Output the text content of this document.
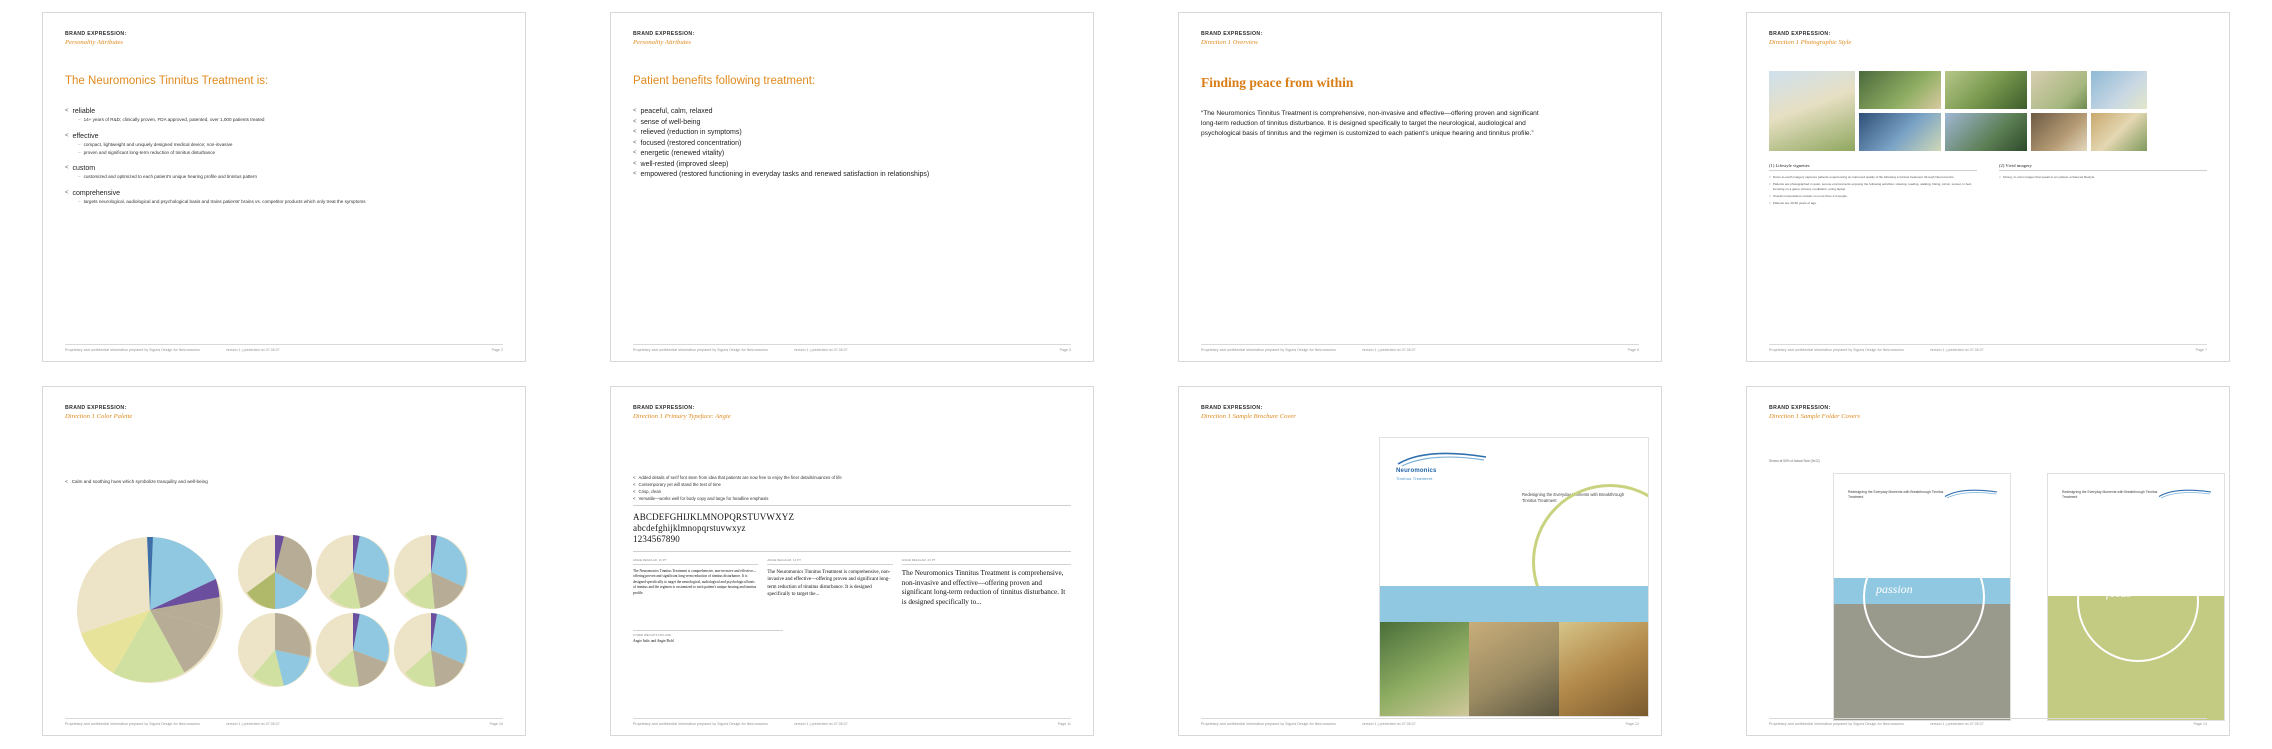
BRAND EXPRESSION:
Personality Attributes
The Neuromonics Tinnitus Treatment is:
< reliable
– 14+ years of R&D; clinically proven, FDA approved, patented, over 1,000 patients treated
< effective
– compact, lightweight and uniquely designed medical device; non-invasive
– proven and significant long-term reduction of tinnitus disturbance
< custom
– customized and optimized to each patient's unique hearing profile and tinnitus pattern
< comprehensive
– targets neurological, audiological and psychological basis and trains patients' brains vs. competitor products which only treat the symptoms
Proprietary and confidential information prepared by Siguris Design for Neuromonics	version 1 | presented on 07.05.07	Page 2
BRAND EXPRESSION:
Personality Attributes
Patient benefits following treatment:
< peaceful, calm, relaxed
< sense of well-being
< relieved (reduction in symptoms)
< focused (restored concentration)
< energetic (renewed vitality)
< well-rested (improved sleep)
< empowered (restored functioning in everyday tasks and renewed satisfaction in relationships)
Proprietary and confidential information prepared by Siguris Design for Neuromonics	version 1 | presented on 07.05.07	Page 3
BRAND EXPRESSION:
Direction 1 Overview
Finding peace from within
“The Neuromonics Tinnitus Treatment is comprehensive, non-invasive and effective—offering proven and significant long-term reduction of tinnitus disturbance. It is designed specifically to target the neurological, audiological and psychological basis of tinnitus and the regimen is customized to each patient's unique hearing and tinnitus profile.”
Proprietary and confidential information prepared by Siguris Design for Neuromonics	version 1 | presented on 07.05.07	Page 6
BRAND EXPRESSION:
Direction 1 Photographic Style
(1) Lifestyle vignettes
< Down-to-earth imagery captures patients experiencing an improved quality of life following a tinnitus treatment through Neuromonics.
< Patients are photographed in quiet, serene environments enjoying the following activities: relaxing, reading, walking, hiking, picnic, sunset, in bed, focusing on a game (chess), meditation, using laptop.
< Overall compositions contain no more than 1-3 people.
< Patients are 40-60 years of age.
(2) Vivid imagery
< Strong, in-color images that speak to an upbeat, enhanced lifestyle.
Proprietary and confidential information prepared by Siguris Design for Neuromonics	version 1 | presented on 07.05.07	Page 7
BRAND EXPRESSION:
Direction 1 Color Palette
< Calm and soothing hues which symbolize tranquility and well-being
Proprietary and confidential information prepared by Siguris Design for Neuromonics	version 1 | presented on 07.05.07	Page 10
BRAND EXPRESSION:
Direction 1 Primary Typeface: Angie
< Added details of serif font stem from idea that patients are now free to enjoy the finer details/nuances of life
< Contemporary yet will stand the test of time
< Crisp, clean
< Versatile—works well for body copy and large for headline emphasis
ABCDEFGHIJKLMNOPQRSTUVWXYZ
abcdefghijklmnopqrstuvwxyz
1234567890
ANGIE REGULAR, 10 PT
The Neuromonics Tinnitus Treatment is comprehensive, non-invasive and effective—offering proven and significant long-term reduction of tinnitus disturbance. It is designed specifically to target the neurological, audiological and psychological basis of tinnitus and the regimen is customized to each patient's unique hearing and tinnitus profile.
ANGIE REGULAR, 14 PT
The Neuromonics Tinnitus Treatment is comprehensive, non-invasive and effective—offering proven and significant long-term reduction of tinnitus disturbance. It is designed specifically to target the...
ANGIE REGULAR, 20 PT
The Neuromonics Tinnitus Treatment is comprehensive, non-invasive and effective—offering proven and significant long-term reduction of tinnitus disturbance. It is designed specifically to...
OTHER WEIGHTS INCLUDE
Angie Italic and Angie Bold
Proprietary and confidential information prepared by Siguris Design for Neuromonics	version 1 | presented on 07.05.07	Page 11
BRAND EXPRESSION:
Direction 1 Sample Brochure Cover
Neuromonics
Tinnitus Treatment
Redesigning the Everyday Moments with Breakthrough Tinnitus Treatment
focus
Proprietary and confidential information prepared by Siguris Design for Neuromonics	version 1 | presented on 07.05.07	Page 12
BRAND EXPRESSION:
Direction 1 Sample Folder Covers
Shown at 50% of Actual Size (9x12)
Redesigning the Everyday Moments with Breakthrough Tinnitus Treatment
passion
Redesigning the Everyday Moments with Breakthrough Tinnitus Treatment
focus
Proprietary and confidential information prepared by Siguris Design for Neuromonics	version 1 | presented on 07.05.07	Page 13
